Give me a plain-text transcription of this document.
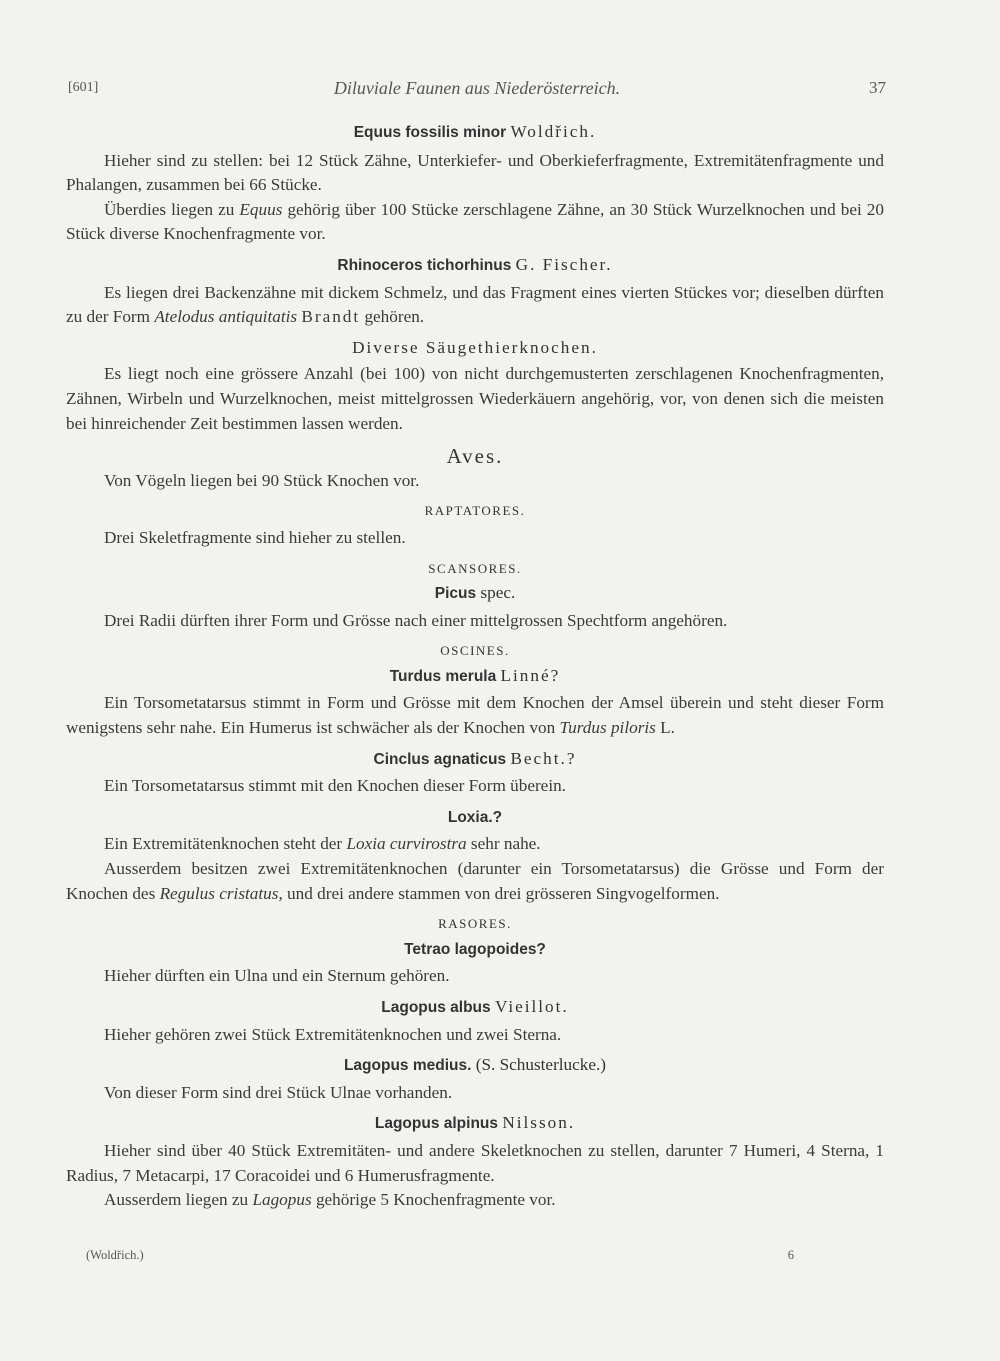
[601]	Diluviale Faunen aus Niederösterreich.	37
Equus fossilis minor Woldřich.

Hieher sind zu stellen: bei 12 Stück Zähne, Unterkiefer- und Oberkieferfragmente, Extremitätenfragmente und Phalangen, zusammen bei 66 Stücke.

Überdies liegen zu Equus gehörig über 100 Stücke zerschlagene Zähne, an 30 Stück Wurzelknochen und bei 20 Stück diverse Knochenfragmente vor.

Rhinoceros tichorhinus G. Fischer.

Es liegen drei Backenzähne mit dickem Schmelz, und das Fragment eines vierten Stückes vor; dieselben dürften zu der Form Atelodus antiquitatis Brandt gehören.

Diverse Säugethierknochen.

Es liegt noch eine grössere Anzahl (bei 100) von nicht durchgemusterten zerschlagenen Knochenfragmenten, Zähnen, Wirbeln und Wurzelknochen, meist mittelgrossen Wiederkäuern angehörig, vor, von denen sich die meisten bei hinreichender Zeit bestimmen lassen werden.

Aves.

Von Vögeln liegen bei 90 Stück Knochen vor.

RAPTATORES.

Drei Skeletfragmente sind hieher zu stellen.

SCANSORES.
Picus spec.

Drei Radii dürften ihrer Form und Grösse nach einer mittelgrossen Spechtform angehören.

OSCINES.
Turdus merula Linné?

Ein Torsometatarsus stimmt in Form und Grösse mit dem Knochen der Amsel überein und steht dieser Form wenigstens sehr nahe. Ein Humerus ist schwächer als der Knochen von Turdus piloris L.

Cinclus agnaticus Becht.?

Ein Torsometatarsus stimmt mit den Knochen dieser Form überein.

Loxia.?

Ein Extremitätenknochen steht der Loxia curvirostra sehr nahe.

Ausserdem besitzen zwei Extremitätenknochen (darunter ein Torsometatarsus) die Grösse und Form der Knochen des Regulus cristatus, und drei andere stammen von drei grösseren Singvogelformen.

RASORES.
Tetrao lagopoides?

Hieher dürften ein Ulna und ein Sternum gehören.

Lagopus albus Vieillot.

Hieher gehören zwei Stück Extremitätenknochen und zwei Sterna.

Lagopus medius. (S. Schusterlucke.)

Von dieser Form sind drei Stück Ulnae vorhanden.

Lagopus alpinus Nilsson.

Hieher sind über 40 Stück Extremitäten- und andere Skeletknochen zu stellen, darunter 7 Humeri, 4 Sterna, 1 Radius, 7 Metacarpi, 17 Coracoidei und 6 Humerusfragmente.

Ausserdem liegen zu Lagopus gehörige 5 Knochenfragmente vor.

(Woldřich.)	6
